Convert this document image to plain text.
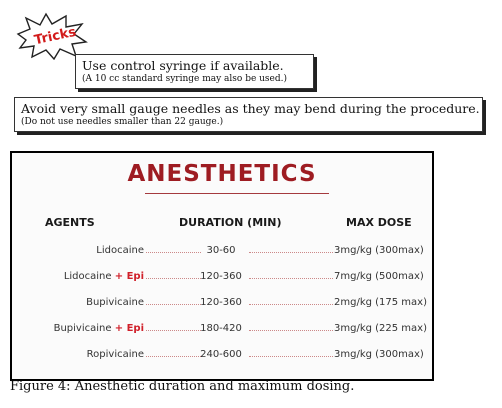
Tricks
Use control syringe if available.
(A 10 cc standard syringe may also be used.)
Avoid very small gauge needles as they may bend during the procedure.
(Do not use needles smaller than 22 gauge.)
ANESTHETICS
AGENTS	DURATION (MIN)	MAX DOSE
Lidocaine	30-60	3mg/kg (300max)
Lidocaine + Epi	120-360	7mg/kg (500max)
Bupivicaine	120-360	2mg/kg (175 max)
Bupivicaine + Epi	180-420	3mg/kg (225 max)
Ropivicaine	240-600	3mg/kg (300max)
Figure 4: Anesthetic duration and maximum dosing.
